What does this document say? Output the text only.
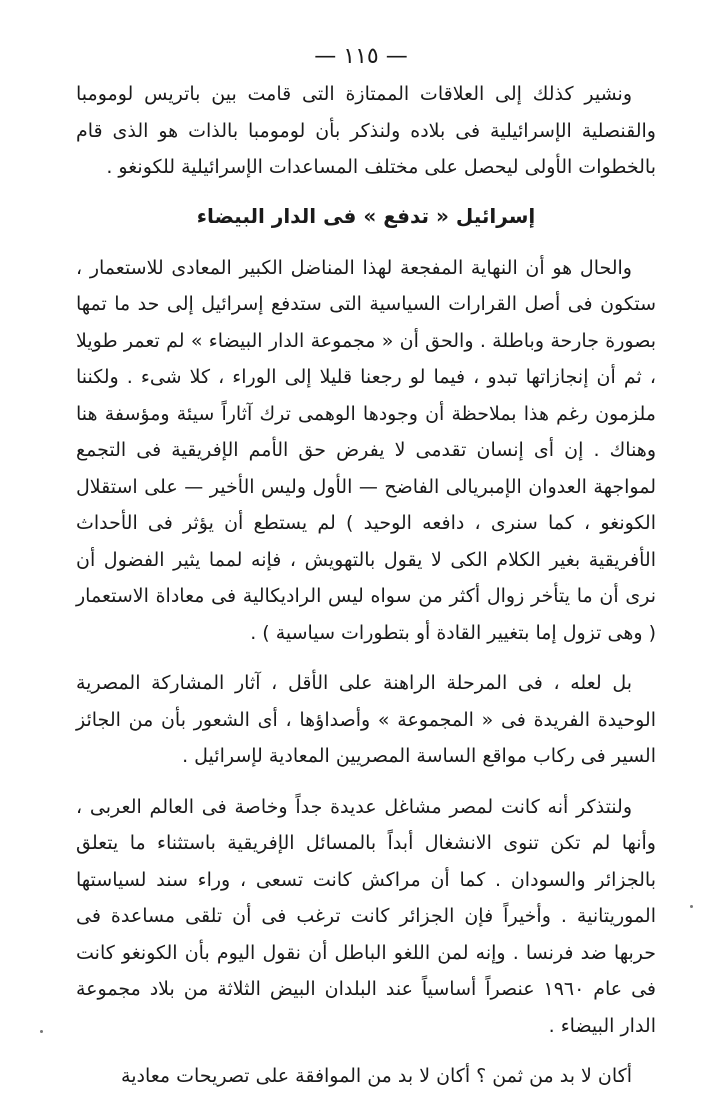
— ١١٥ —

ونشير كذلك إلى العلاقات الممتازة التى قامت بين باتريس لومومبا والقنصلية الإسرائيلية فى بلاده ولنذكر بأن لومومبا بالذات هو الذى قام بالخطوات الأولى ليحصل على مختلف المساعدات الإسرائيلية للكونغو .

إسرائيل « تدفع » فى الدار البيضاء

والحال هو أن النهاية المفجعة لهذا المناضل الكبير المعادى للاستعمار ، ستكون فى أصل القرارات السياسية التى ستدفع إسرائيل إلى حد ما تمها بصورة جارحة وباطلة . والحق أن « مجموعة الدار البيضاء » لم تعمر طويلا ، ثم أن إنجازاتها تبدو ، فيما لو رجعنا قليلا إلى الوراء ، كلا شىء . ولكننا ملزمون رغم هذا بملاحظة أن وجودها الوهمى ترك آثاراً سيئة ومؤسفة هنا وهناك . إن أى إنسان تقدمى لا يفرض حق الأمم الإفريقية فى التجمع لمواجهة العدوان الإمبريالى الفاضح — الأول وليس الأخير — على استقلال الكونغو ، كما سنرى ، دافعه الوحيد ) لم يستطع أن يؤثر فى الأحداث الأفريقية بغير الكلام الكى لا يقول بالتهويش ، فإنه لمما يثير الفضول أن نرى أن ما يتأخر زوال أكثر من سواه ليس الراديكالية فى معاداة الاستعمار ( وهى تزول إما بتغيير القادة أو بتطورات سياسية ) .

بل لعله ، فى المرحلة الراهنة على الأقل ، آثار المشاركة المصرية الوحيدة الفريدة فى « المجموعة » وأصداؤها ، أى الشعور بأن من الجائز السير فى ركاب مواقع الساسة المصريين المعادية لإسرائيل .

ولنتذكر أنه كانت لمصر مشاغل عديدة جداً وخاصة فى العالم العربى ، وأنها لم تكن تنوى الانشغال أبداً بالمسائل الإفريقية باستثناء ما يتعلق بالجزائر والسودان . كما أن مراكش كانت تسعى ، وراء سند لسياستها الموريتانية . وأخيراً فإن الجزائر كانت ترغب فى أن تلقى مساعدة فى حربها ضد فرنسا . وإنه لمن اللغو الباطل أن نقول اليوم بأن الكونغو كانت فى عام ١٩٦٠ عنصراً أساسياً عند البلدان البيض الثلاثة من بلاد مجموعة الدار البيضاء .

أكان لا بد من ثمن ؟ أكان لا بد من الموافقة على تصريحات معادية
